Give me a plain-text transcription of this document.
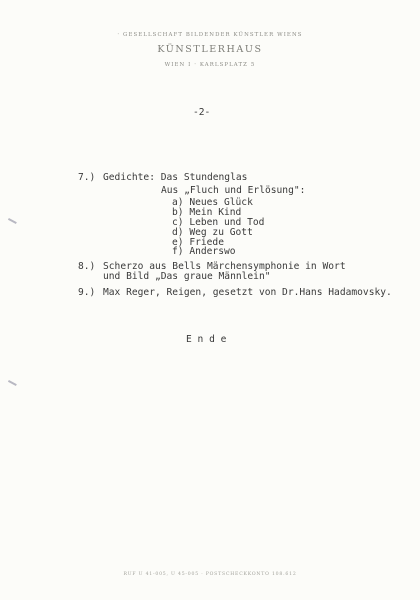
· GESELLSCHAFT BILDENDER KÜNSTLER WIENS
KÜNSTLERHAUS
WIEN I · KARLSPLATZ 5
-2-
7.) Gedichte: Das Stundenglas
Aus „Fluch und Erlösung":
a) Neues Glück
b) Mein Kind
c) Leben und Tod
d) Weg zu Gott
e) Friede
f) Anderswo
8.) Scherzo aus Bells Märchensymphonie in Wort
und Bild „Das graue Männlein"
9.) Max Reger, Reigen, gesetzt von Dr.Hans Hadamovsky.
E n d e
RUF U 41-005, U 45-005 · POSTSCHECKKONTO 108.612
